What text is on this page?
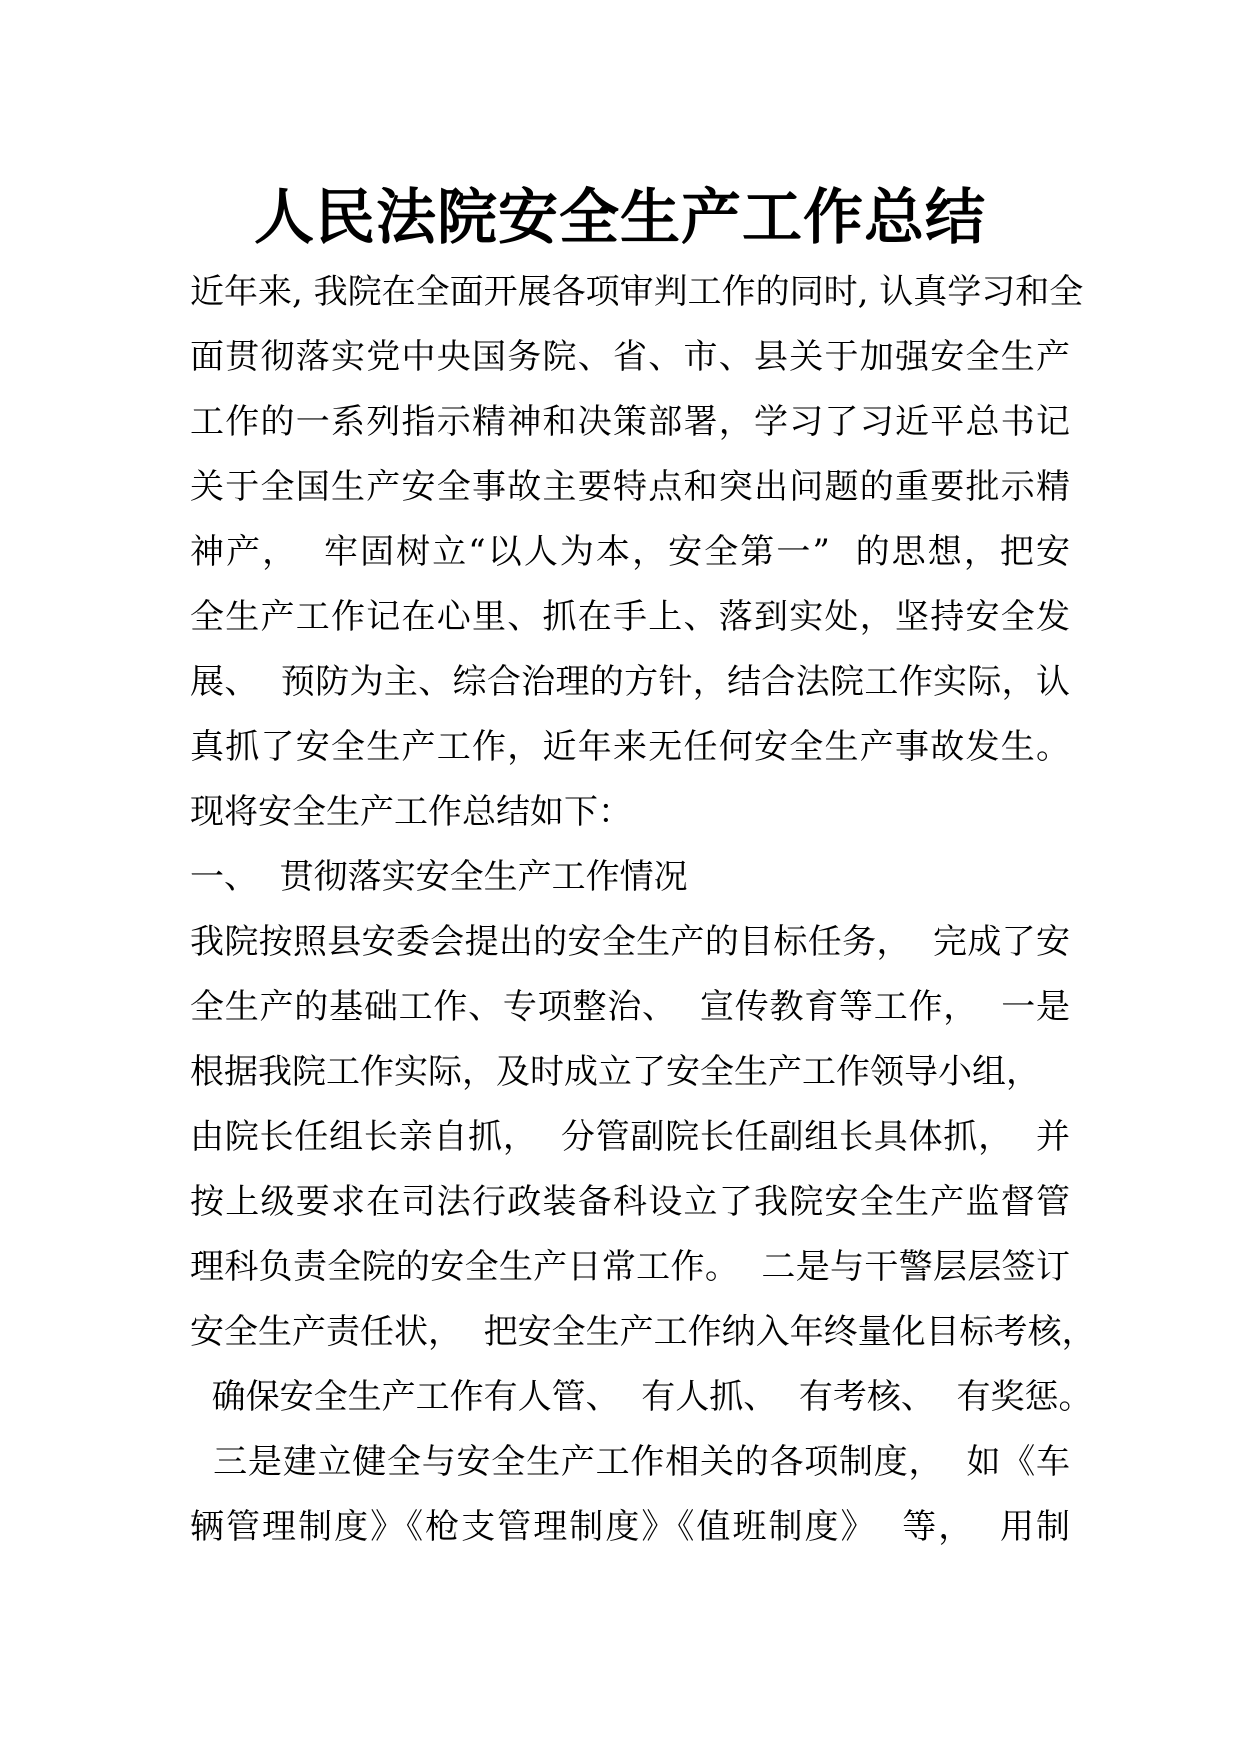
人民法院安全生产工作总结
近年来, 我院在全面开展各项审判工作的同时, 认真学习和全
面贯彻落实党中央国务院、省、市、县关于加强安全生产
工作的一系列指示精神和决策部署，学习了习近平总书记
关于全国生产安全事故主要特点和突出问题的重要批示精
神产，  牢固树立“以人为本，安全第一”  的思想，把安
全生产工作记在心里、抓在手上、落到实处，坚持安全发
展、  预防为主、综合治理的方针，结合法院工作实际，认
真抓了安全生产工作，近年来无任何安全生产事故发生。
现将安全生产工作总结如下：
一、  贯彻落实安全生产工作情况
我院按照县安委会提出的安全生产的目标任务，  完成了安
全生产的基础工作、专项整治、  宣传教育等工作，  一是
根据我院工作实际，及时成立了安全生产工作领导小组，
由院长任组长亲自抓，  分管副院长任副组长具体抓，  并
按上级要求在司法行政装备科设立了我院安全生产监督管
理科负责全院的安全生产日常工作。  二是与干警层层签订
安全生产责任状，  把安全生产工作纳入年终量化目标考核，
确保安全生产工作有人管、  有人抓、  有考核、  有奖惩。
三是建立健全与安全生产工作相关的各项制度，  如《车
辆管理制度》《枪支管理制度》《值班制度》  等，  用制
